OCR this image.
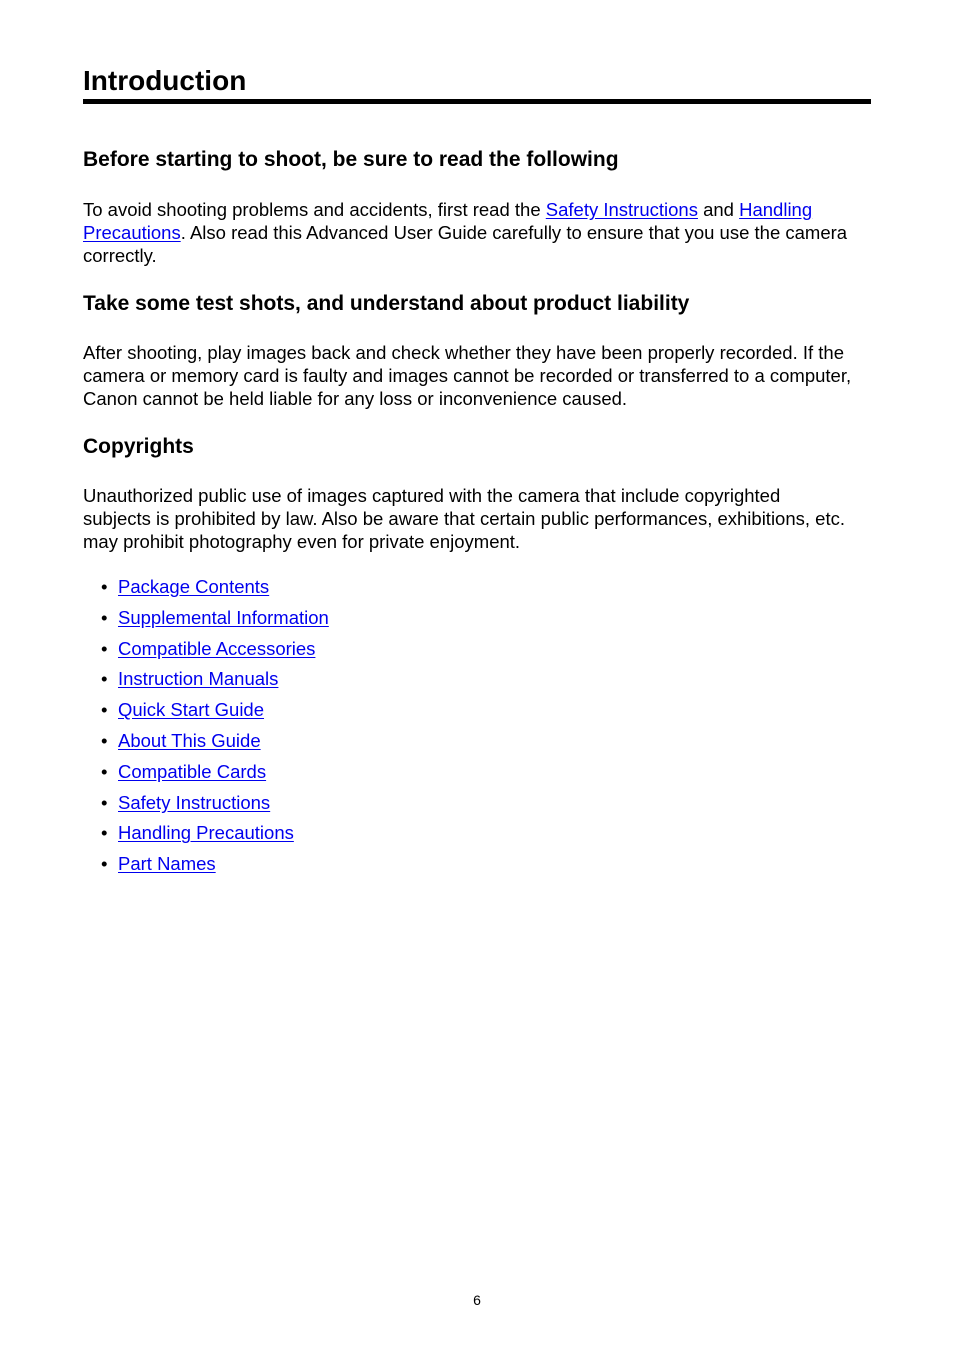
Introduction
Before starting to shoot, be sure to read the following

To avoid shooting problems and accidents, first read the Safety Instructions and Handling Precautions. Also read this Advanced User Guide carefully to ensure that you use the camera correctly.

Take some test shots, and understand about product liability

After shooting, play images back and check whether they have been properly recorded. If the camera or memory card is faulty and images cannot be recorded or transferred to a computer, Canon cannot be held liable for any loss or inconvenience caused.

Copyrights

Unauthorized public use of images captured with the camera that include copyrighted subjects is prohibited by law. Also be aware that certain public performances, exhibitions, etc. may prohibit photography even for private enjoyment.

• Package Contents
• Supplemental Information
• Compatible Accessories
• Instruction Manuals
• Quick Start Guide
• About This Guide
• Compatible Cards
• Safety Instructions
• Handling Precautions
• Part Names
6
